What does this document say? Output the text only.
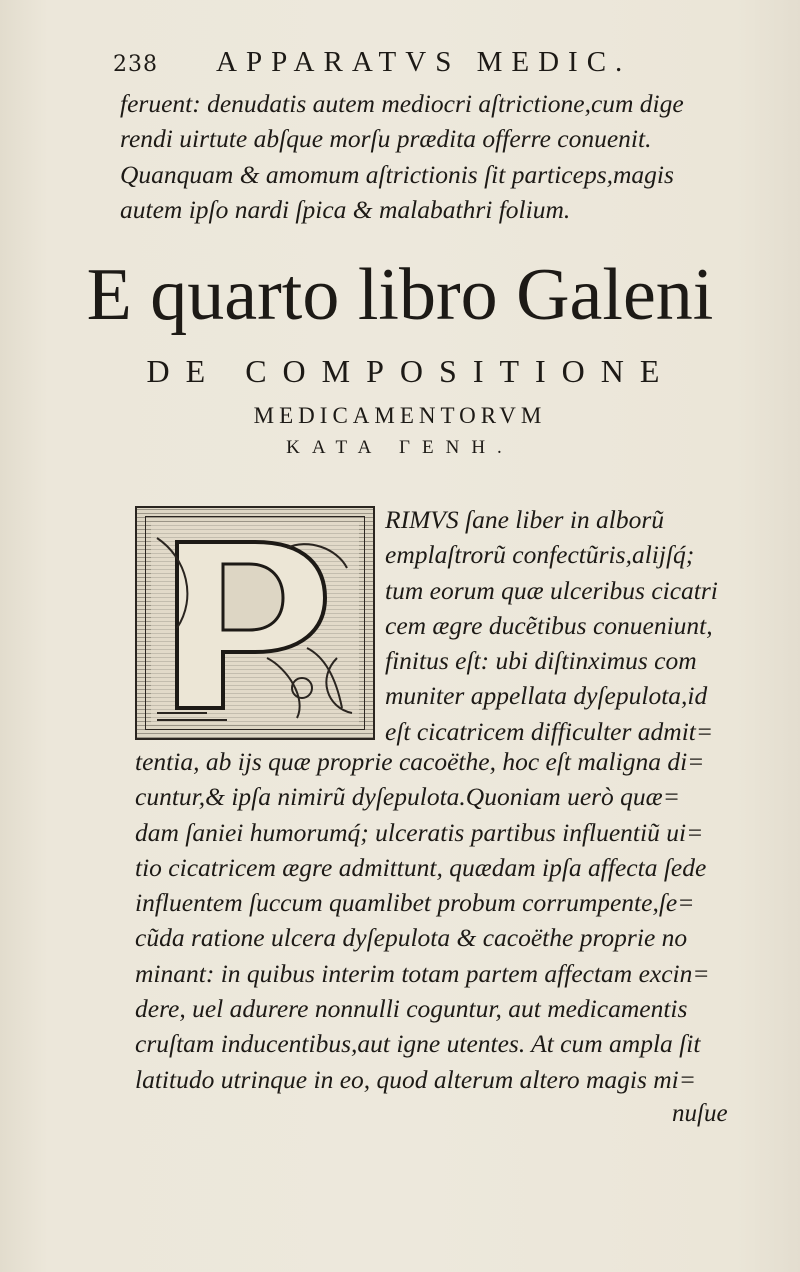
238 APPARATVS MEDIC.
feruent: denudatis autem mediocri aſtrictione,cum dige
rendi uirtute abſque morſu prædita offerre conuenit.
Quanquam & amomum aſtrictionis ſit particeps,magis
autem ipſo nardi ſpica & malabathri folium.
E quarto libro Galeni
DE COMPOSITIONE
MEDICAMENTORVM
KATA ΓΕΝΗ.
RIMVS ſane liber in alborũ
emplaſtrorũ confectũris,alijſq́;
tum eorum quæ ulceribus cicatri
cem ægre ducẽtibus conueniunt,
finitus eſt: ubi diſtinximus com
muniter appellata dyſepulota,id
eſt cicatricem difficulter admit=
tentia, ab ijs quæ proprie cacoëthe, hoc eſt maligna di=
cuntur,& ipſa nimirũ dyſepulota.Quoniam uerò quæ=
dam ſaniei humorumq́; ulceratis partibus influentiũ ui=
tio cicatricem ægre admittunt, quædam ipſa affecta ſede
influentem ſuccum quamlibet probum corrumpente,ſe=
cũda ratione ulcera dyſepulota & cacoëthe proprie no
minant: in quibus interim totam partem affectam excin=
dere, uel adurere nonnulli coguntur, aut medicamentis
cruſtam inducentibus,aut igne utentes. At cum ampla ſit
latitudo utrinque in eo, quod alterum altero magis mi=
nuſue
